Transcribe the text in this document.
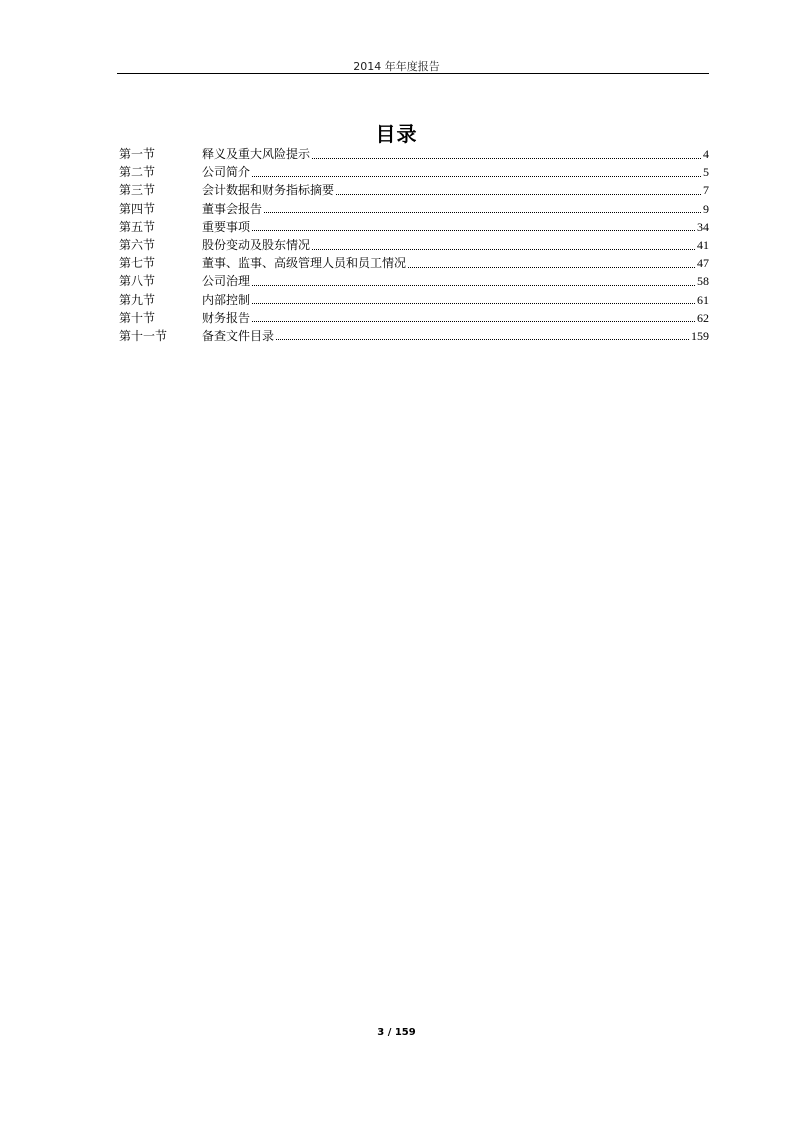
2014 年年度报告
目录
第一节	释义及重大风险提示	4
第二节	公司简介	5
第三节	会计数据和财务指标摘要	7
第四节	董事会报告	9
第五节	重要事项	34
第六节	股份变动及股东情况	41
第七节	董事、监事、高级管理人员和员工情况	47
第八节	公司治理	58
第九节	内部控制	61
第十节	财务报告	62
第十一节	备查文件目录	159
3 / 159
